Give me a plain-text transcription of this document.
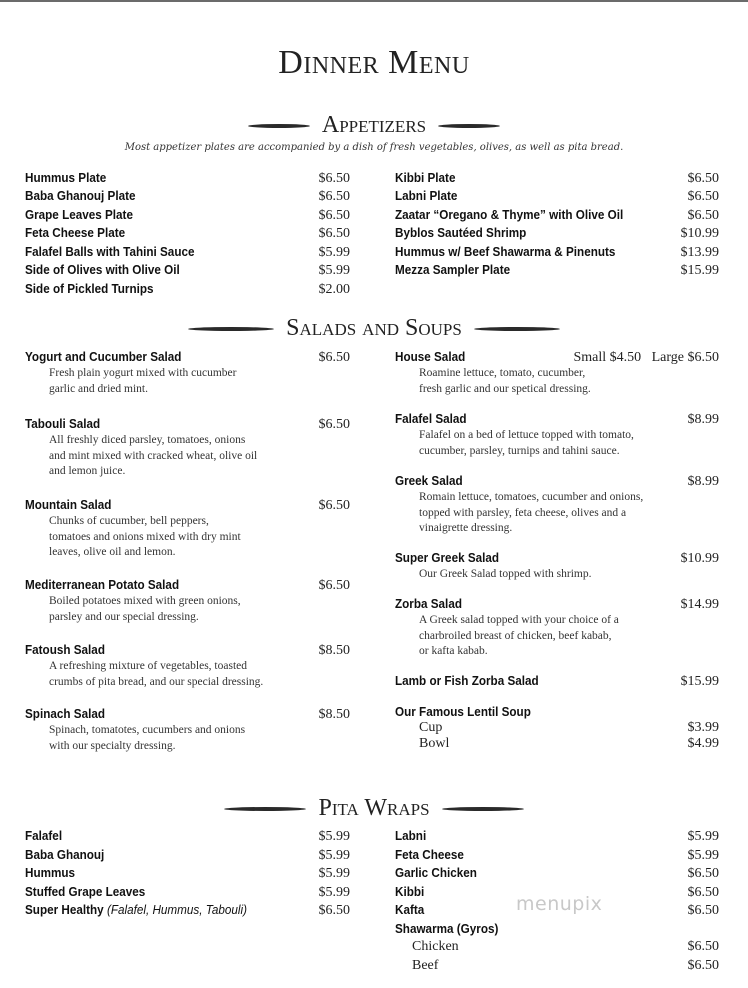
Dinner Menu
Appetizers
Most appetizer plates are accompanied by a dish of fresh vegetables, olives, as well as pita bread.
Hummus Plate	$6.50
Baba Ghanouj Plate	$6.50
Grape Leaves Plate	$6.50
Feta Cheese Plate	$6.50
Falafel Balls with Tahini Sauce	$5.99
Side of Olives with Olive Oil	$5.99
Side of Pickled Turnips	$2.00
Kibbi Plate	$6.50
Labni Plate	$6.50
Zaatar “Oregano & Thyme” with Olive Oil	$6.50
Byblos Sautéed Shrimp	$10.99
Hummus w/ Beef Shawarma & Pinenuts	$13.99
Mezza Sampler Plate	$15.99
Salads and Soups
Yogurt and Cucumber Salad	$6.50
Fresh plain yogurt mixed with cucumber
garlic and dried mint.
Tabouli Salad	$6.50
All freshly diced parsley, tomatoes, onions
and mint mixed with cracked wheat, olive oil
and lemon juice.
Mountain Salad	$6.50
Chunks of cucumber, bell peppers,
tomatoes and onions mixed with dry mint
leaves, olive oil and lemon.
Mediterranean Potato Salad	$6.50
Boiled potatoes mixed with green onions,
parsley and our special dressing.
Fatoush Salad	$8.50
A refreshing mixture of vegetables, toasted
crumbs of pita bread, and our special dressing.
Spinach Salad	$8.50
Spinach, tomatotes, cucumbers and onions
with our specialty dressing.
House Salad	Small $4.50   Large $6.50
Roamine lettuce, tomato, cucumber,
fresh garlic and our spetical dressing.
Falafel Salad	$8.99
Falafel on a bed of lettuce topped with tomato,
cucumber, parsley, turnips and tahini sauce.
Greek Salad	$8.99
Romain lettuce, tomatoes, cucumber and onions,
topped with parsley, feta cheese, olives and a
vinaigrette dressing.
Super Greek Salad	$10.99
Our Greek Salad topped with shrimp.
Zorba Salad	$14.99
A Greek salad topped with your choice of a
charbroiled breast of chicken, beef kabab,
or kafta kabab.
Lamb or Fish Zorba Salad	$15.99
Our Famous Lentil Soup
Cup	$3.99
Bowl	$4.99
Pita Wraps
Falafel	$5.99
Baba Ghanouj	$5.99
Hummus	$5.99
Stuffed Grape Leaves	$5.99
Super Healthy (Falafel, Hummus, Tabouli)	$6.50
Labni	$5.99
Feta Cheese	$5.99
Garlic Chicken	$6.50
Kibbi	$6.50
Kafta	$6.50
Shawarma (Gyros)
Chicken	$6.50
Beef	$6.50
menupix
